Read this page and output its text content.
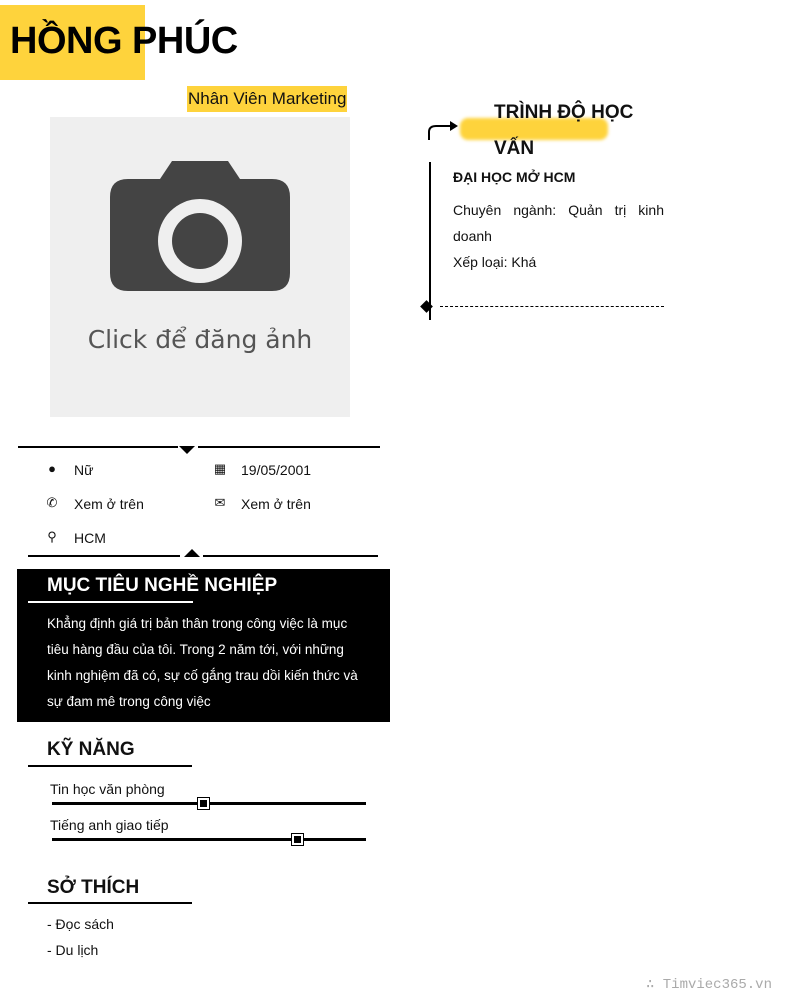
HỒNG PHÚC
Nhân Viên Marketing
Click để đăng ảnh
● Nữ	▦ 19/05/2001
✆ Xem ở trên	✉ Xem ở trên
⚲ HCM
MỤC TIÊU NGHỀ NGHIỆP
Khẳng định giá trị bản thân trong công việc là mục tiêu hàng đầu của tôi. Trong 2 năm tới, với những kinh nghiệm đã có, sự cố gắng trau dồi kiến thức và sự đam mê trong công việc
KỸ NĂNG
Tin học văn phòng
Tiếng anh giao tiếp
SỞ THÍCH
- Đọc sách
- Du lịch
TRÌNH ĐỘ HỌC VẤN
ĐẠI HỌC MỞ HCM
Chuyên ngành: Quản trị kinh doanh
Xếp loại: Khá
∴ Timviec365.vn
